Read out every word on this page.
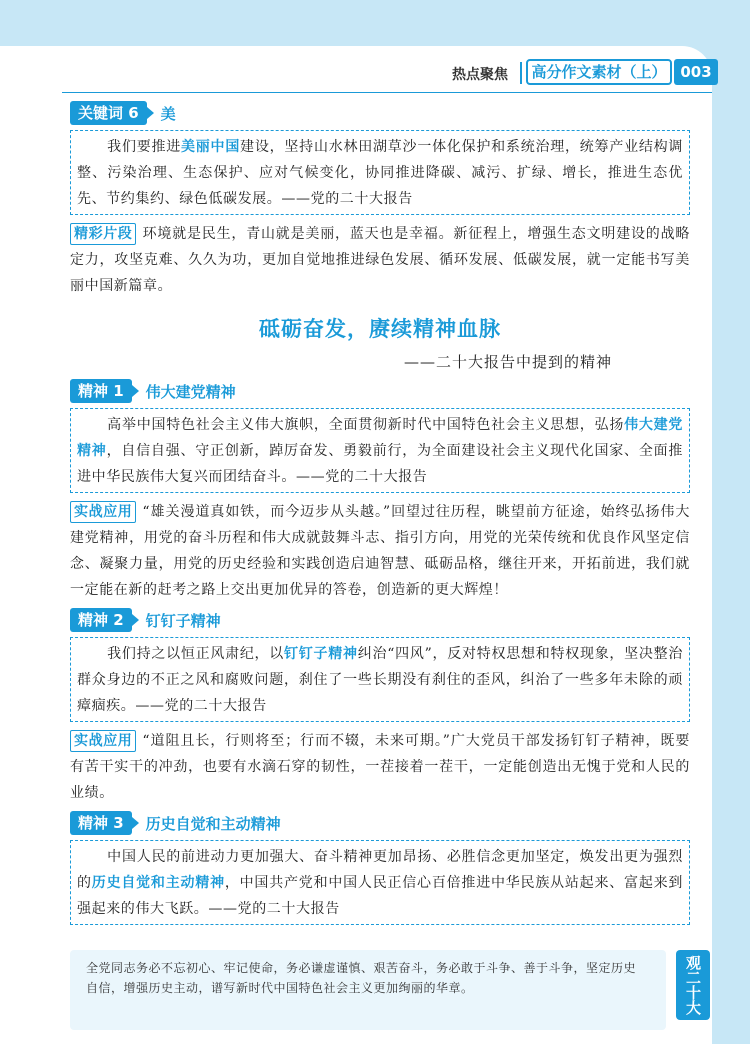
热点聚焦	高分作文素材（上） 003
关键词 6	美
我们要推进美丽中国建设，坚持山水林田湖草沙一体化保护和系统治理，统筹产业结构调整、污染治理、生态保护、应对气候变化，协同推进降碳、减污、扩绿、增长，推进生态优先、节约集约、绿色低碳发展。——党的二十大报告
精彩片段 环境就是民生，青山就是美丽，蓝天也是幸福。新征程上，增强生态文明建设的战略定力，攻坚克难、久久为功，更加自觉地推进绿色发展、循环发展、低碳发展，就一定能书写美丽中国新篇章。
砥砺奋发，赓续精神血脉
——二十大报告中提到的精神
精神 1	伟大建党精神
高举中国特色社会主义伟大旗帜，全面贯彻新时代中国特色社会主义思想，弘扬伟大建党精神，自信自强、守正创新，踔厉奋发、勇毅前行，为全面建设社会主义现代化国家、全面推进中华民族伟大复兴而团结奋斗。——党的二十大报告
实战应用 “雄关漫道真如铁，而今迈步从头越。”回望过往历程，眺望前方征途，始终弘扬伟大建党精神，用党的奋斗历程和伟大成就鼓舞斗志、指引方向，用党的光荣传统和优良作风坚定信念、凝聚力量，用党的历史经验和实践创造启迪智慧、砥砺品格，继往开来，开拓前进，我们就一定能在新的赶考之路上交出更加优异的答卷，创造新的更大辉煌！
精神 2	钉钉子精神
我们持之以恒正风肃纪，以钉钉子精神纠治“四风”，反对特权思想和特权现象，坚决整治群众身边的不正之风和腐败问题，刹住了一些长期没有刹住的歪风，纠治了一些多年未除的顽瘴痼疾。——党的二十大报告
实战应用 “道阻且长，行则将至；行而不辍，未来可期。”广大党员干部发扬钉钉子精神，既要有苦干实干的冲劲，也要有水滴石穿的韧性，一茬接着一茬干，一定能创造出无愧于党和人民的业绩。
精神 3	历史自觉和主动精神
中国人民的前进动力更加强大、奋斗精神更加昂扬、必胜信念更加坚定，焕发出更为强烈的历史自觉和主动精神，中国共产党和中国人民正信心百倍推进中华民族从站起来、富起来到强起来的伟大飞跃。——党的二十大报告
全党同志务必不忘初心、牢记使命，务必谦虚谨慎、艰苦奋斗，务必敢于斗争、善于斗争，坚定历史自信，增强历史主动，谱写新时代中国特色社会主义更加绚丽的华章。	观二十大
